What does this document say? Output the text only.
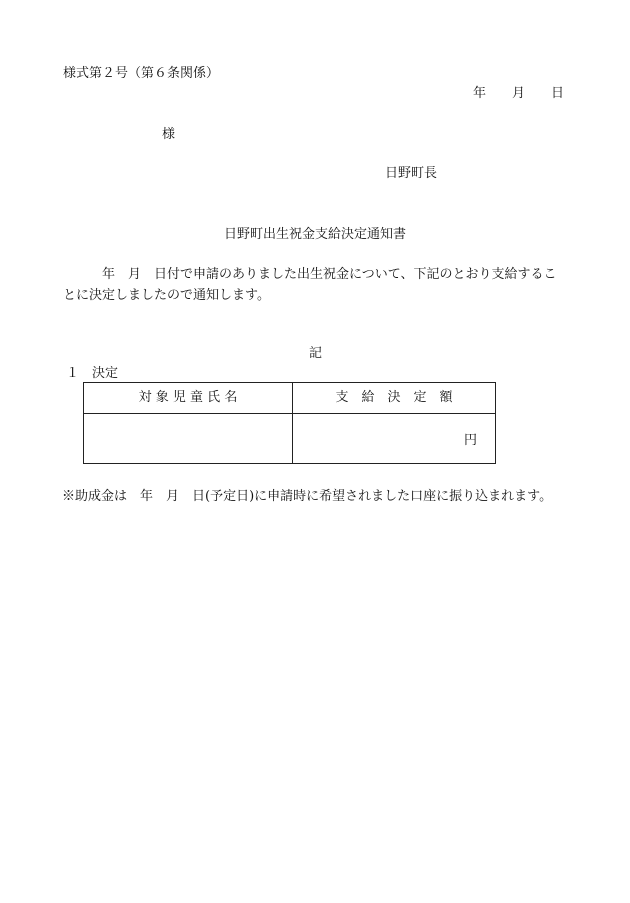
様式第２号（第６条関係）
年　　月　　日
様
日野町長
日野町出生祝金支給決定通知書
年　月　日付で申請のありました出生祝金について、下記のとおり支給することに決定しましたので通知します。
記
１　決定
対 象 児 童 氏 名	支　給　決　定　額
円
※助成金は　年　月　日(予定日)に申請時に希望されました口座に振り込まれます。
